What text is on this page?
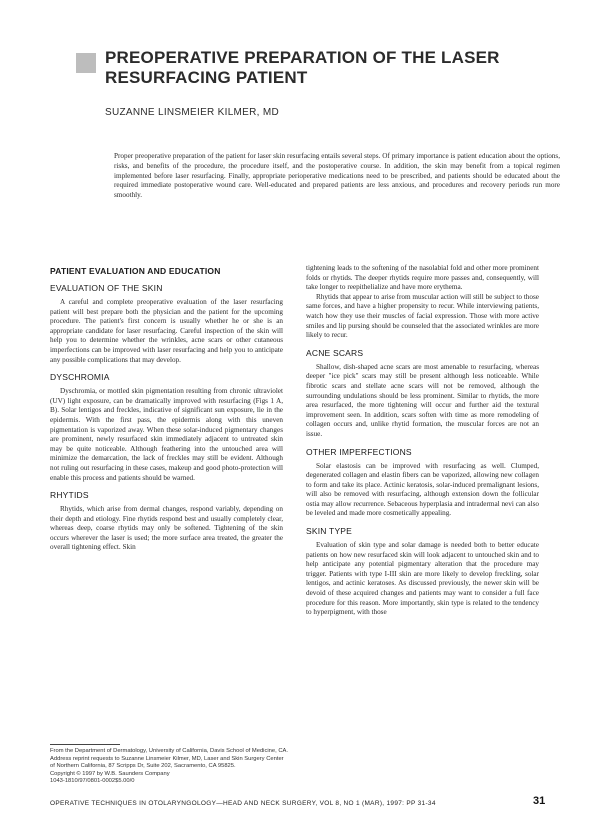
PREOPERATIVE PREPARATION OF THE LASER RESURFACING PATIENT

SUZANNE LINSMEIER KILMER, MD

Proper preoperative preparation of the patient for laser skin resurfacing entails several steps. Of primary importance is patient education about the options, risks, and benefits of the procedure, the procedure itself, and the postoperative course. In addition, the skin may benefit from a topical regimen implemented before laser resurfacing. Finally, appropriate perioperative medications need to be prescribed, and patients should be educated about the required immediate postoperative wound care. Well-educated and prepared patients are less anxious, and procedures and recovery periods run more smoothly.

PATIENT EVALUATION AND EDUCATION
EVALUATION OF THE SKIN

A careful and complete preoperative evaluation of the laser resurfacing patient will best prepare both the physician and the patient for the upcoming procedure. The patient's first concern is usually whether he or she is an appropriate candidate for laser resurfacing. Careful inspection of the skin will help you to determine whether the wrinkles, acne scars or other cutaneous imperfections can be improved with laser resurfacing and help you to anticipate any possible complications that may develop.

DYSCHROMIA

Dyschromia, or mottled skin pigmentation resulting from chronic ultraviolet (UV) light exposure, can be dramatically improved with resurfacing (Figs 1 A, B). Solar lentigos and freckles, indicative of significant sun exposure, lie in the epidermis. With the first pass, the epidermis along with this uneven pigmentation is vaporized away. When these solar-induced pigmentary changes are prominent, newly resurfaced skin immediately adjacent to untreated skin may be quite noticeable. Although feathering into the untouched area will minimize the demarcation, the lack of freckles may still be evident. Although not ruling out resurfacing in these cases, makeup and good photo-protection will enable this process and patients should be warned.

RHYTIDS

Rhytids, which arise from dermal changes, respond variably, depending on their depth and etiology. Fine rhytids respond best and usually completely clear, whereas deep, coarse rhytids may only be softened. Tightening of the skin occurs wherever the laser is used; the more surface area treated, the greater the overall tightening effect. Skin

tightening leads to the softening of the nasolabial fold and other more prominent folds or rhytids. The deeper rhytids require more passes and, consequently, will take longer to reepithelialize and have more erythema.

Rhytids that appear to arise from muscular action will still be subject to those same forces, and have a higher propensity to recur. While interviewing patients, watch how they use their muscles of facial expression. Those with more active smiles and lip pursing should be counseled that the associated wrinkles are more likely to recur.

ACNE SCARS

Shallow, dish-shaped acne scars are most amenable to resurfacing, whereas deeper "ice pick" scars may still be present although less noticeable. While fibrotic scars and stellate acne scars will not be removed, although the surrounding undulations should be less prominent. Similar to rhytids, the more area resurfaced, the more tightening will occur and further aid the textural improvement seen. In addition, scars soften with time as more remodeling of collagen occurs and, unlike rhytid formation, the muscular forces are not an issue.

OTHER IMPERFECTIONS

Solar elastosis can be improved with resurfacing as well. Clumped, degenerated collagen and elastin fibers can be vaporized, allowing new collagen to form and take its place. Actinic keratosis, solar-induced premalignant lesions, will also be removed with resurfacing, although extension down the follicular ostia may allow recurrence. Sebaceous hyperplasia and intradermal nevi can also be leveled and made more cosmetically appealing.

SKIN TYPE

Evaluation of skin type and solar damage is needed both to better educate patients on how new resurfaced skin will look adjacent to untouched skin and to help anticipate any potential pigmentary alteration that the procedure may trigger. Patients with type I-III skin are more likely to develop freckling, solar lentigos, and actinic keratoses. As discussed previously, the newer skin will be devoid of these acquired changes and patients may want to consider a full face procedure for this reason. More importantly, skin type is related to the tendency to hyperpigment, with those

From the Department of Dermatology, University of California, Davis School of Medicine, CA.

Address reprint requests to Suzanne Linsmeier Kilmer, MD, Laser and Skin Surgery Center of Northern California, 87 Scripps Dr, Suite 202, Sacramento, CA 95825.

Copyright © 1997 by W.B. Saunders Company

1043-1810/97/0801-0002$5.00/0

OPERATIVE TECHNIQUES IN OTOLARYNGOLOGY—HEAD AND NECK SURGERY, VOL 8, NO 1 (MAR), 1997: PP 31-34	31
